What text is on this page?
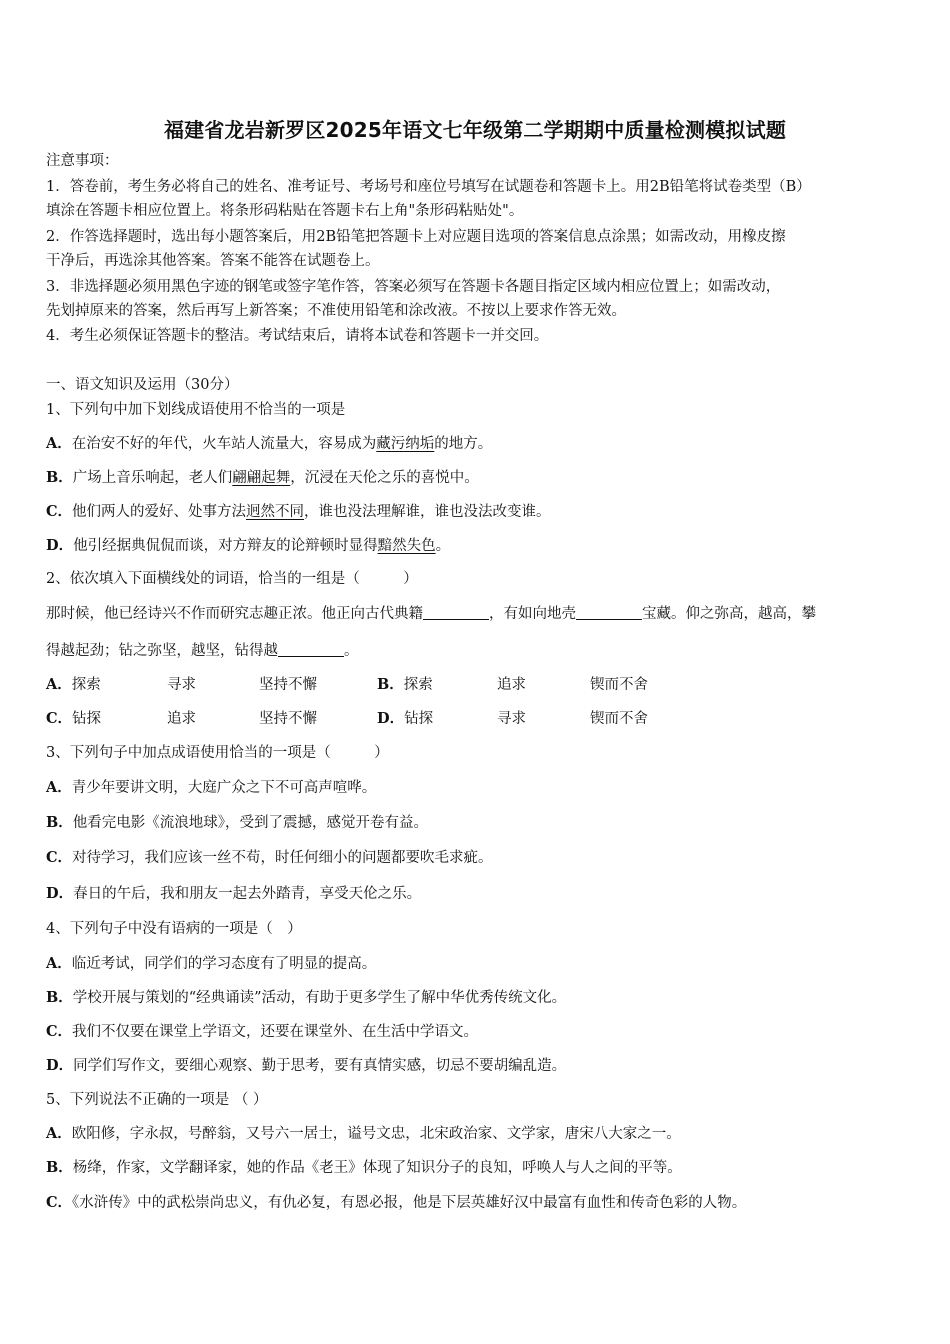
福建省龙岩新罗区2025年语文七年级第二学期期中质量检测模拟试题
注意事项：
1．答卷前，考生务必将自己的姓名、准考证号、考场号和座位号填写在试题卷和答题卡上。用2B铅笔将试卷类型（B）
填涂在答题卡相应位置上。将条形码粘贴在答题卡右上角"条形码粘贴处"。
2．作答选择题时，选出每小题答案后，用2B铅笔把答题卡上对应题目选项的答案信息点涂黑；如需改动，用橡皮擦
干净后，再选涂其他答案。答案不能答在试题卷上。
3．非选择题必须用黑色字迹的钢笔或签字笔作答，答案必须写在答题卡各题目指定区域内相应位置上；如需改动，
先划掉原来的答案，然后再写上新答案；不准使用铅笔和涂改液。不按以上要求作答无效。
4．考生必须保证答题卡的整洁。考试结束后，请将本试卷和答题卡一并交回。
一、语文知识及运用（30分）
1、下列句中加下划线成语使用不恰当的一项是
A．在治安不好的年代，火车站人流量大，容易成为藏污纳垢的地方。
B．广场上音乐响起，老人们翩翩起舞，沉浸在天伦之乐的喜悦中。
C．他们两人的爱好、处事方法迥然不同，谁也没法理解谁，谁也没法改变谁。
D．他引经据典侃侃而谈，对方辩友的论辩顿时显得黯然失色。
2、依次填入下面横线处的词语，恰当的一组是（　　　）
那时候，他已经诗兴不作而研究志趣正浓。他正向古代典籍	，有如向地壳	宝藏。仰之弥高，越高，攀
得越起劲；钻之弥坚，越坚，钻得越	。
A．探索	寻求	坚持不懈	B．探索	追求	锲而不舍
C．钻探	追求	坚持不懈	D．钻探	寻求	锲而不舍
3、下列句子中加点成语使用恰当的一项是（　　　）
A．青少年要讲文明，大庭广众之下不可高声喧哗。
B．他看完电影《流浪地球》，受到了震撼，感觉开卷有益。
C．对待学习，我们应该一丝不苟，时任何细小的问题都要吹毛求疵。
D．春日的午后，我和朋友一起去外踏青，享受天伦之乐。
4、下列句子中没有语病的一项是（　）
A．临近考试，同学们的学习态度有了明显的提高。
B．学校开展与策划的“经典诵读”活动，有助于更多学生了解中华优秀传统文化。
C．我们不仅要在课堂上学语文，还要在课堂外、在生活中学语文。
D．同学们写作文，要细心观察、勤于思考，要有真情实感，切忌不要胡编乱造。
5、下列说法不正确的一项是 （ ）
A．欧阳修，字永叔，号醉翁，又号六一居士，谥号文忠，北宋政治家、文学家，唐宋八大家之一。
B．杨绛，作家，文学翻译家，她的作品《老王》体现了知识分子的良知，呼唤人与人之间的平等。
C．《水浒传》中的武松崇尚忠义，有仇必复，有恩必报，他是下层英雄好汉中最富有血性和传奇色彩的人物。
